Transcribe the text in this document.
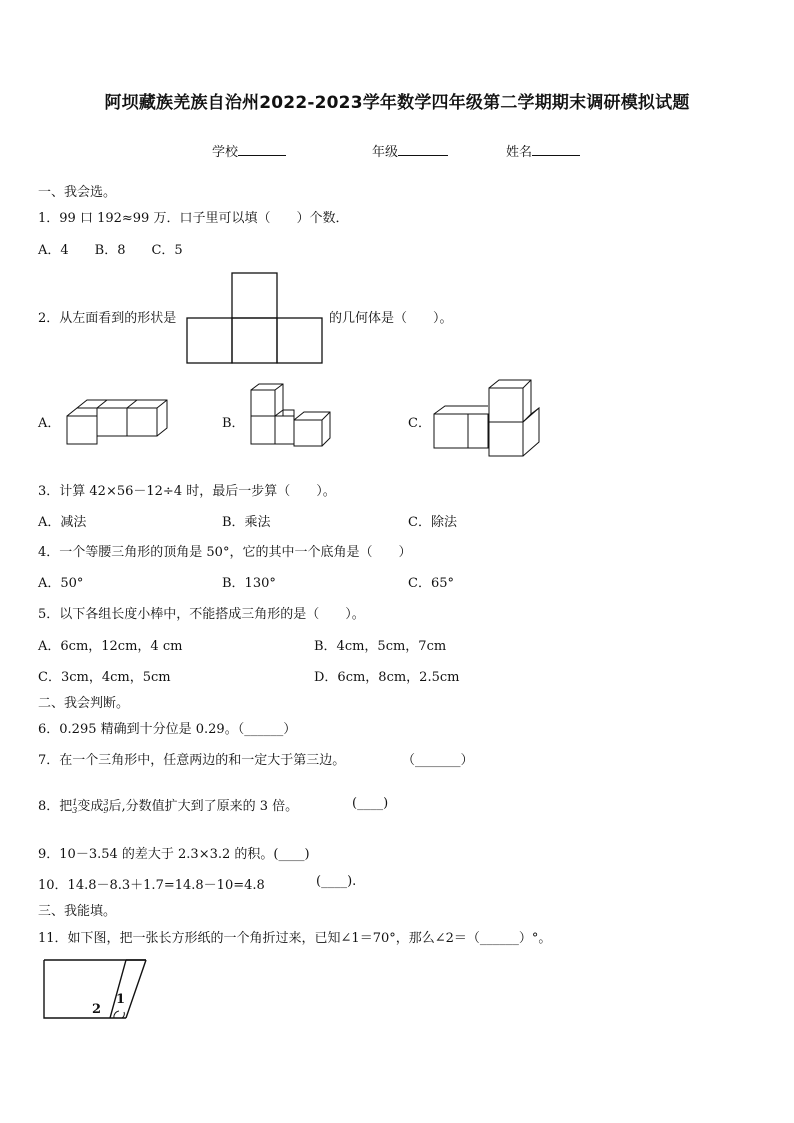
阿坝藏族羌族自治州2022-2023学年数学四年级第二学期期末调研模拟试题
学校	年级	姓名
一、我会选。
1．99 口 192≈99 万．口子里可以填（　　）个数．
A．4　　B．8　　C．5
2．从左面看到的形状是	的几何体是（　　）。
A．	B．	C．
3．计算 42×56－12÷4 时，最后一步算（　　）。
A．减法	B．乘法	C．除法
4．一个等腰三角形的顶角是 50°，它的其中一个底角是（　　）
A．50°	B．130°	C．65°
5．以下各组长度小棒中，不能搭成三角形的是（　　）。
A．6cm，12cm，4 cm	B．4cm，5cm，7cm
C．3cm，4cm，5cm	D．6cm，8cm，2.5cm
二、我会判断。
6．0.295 精确到十分位是 0.29。（______）
7．在一个三角形中，任意两边的和一定大于第三边。	（_______）
8．把1
3变成3
9后,分数值扩大到了原来的 3 倍。	(____)
9．10－3.54 的差大于 2.3×3.2 的积。(____)
10．14.8－8.3＋1.7=14.8－10=4.8	(____).
三、我能填。
11．如下图，把一张长方形纸的一个角折过来，已知∠1＝70°，那么∠2＝（______）°。
1
2
